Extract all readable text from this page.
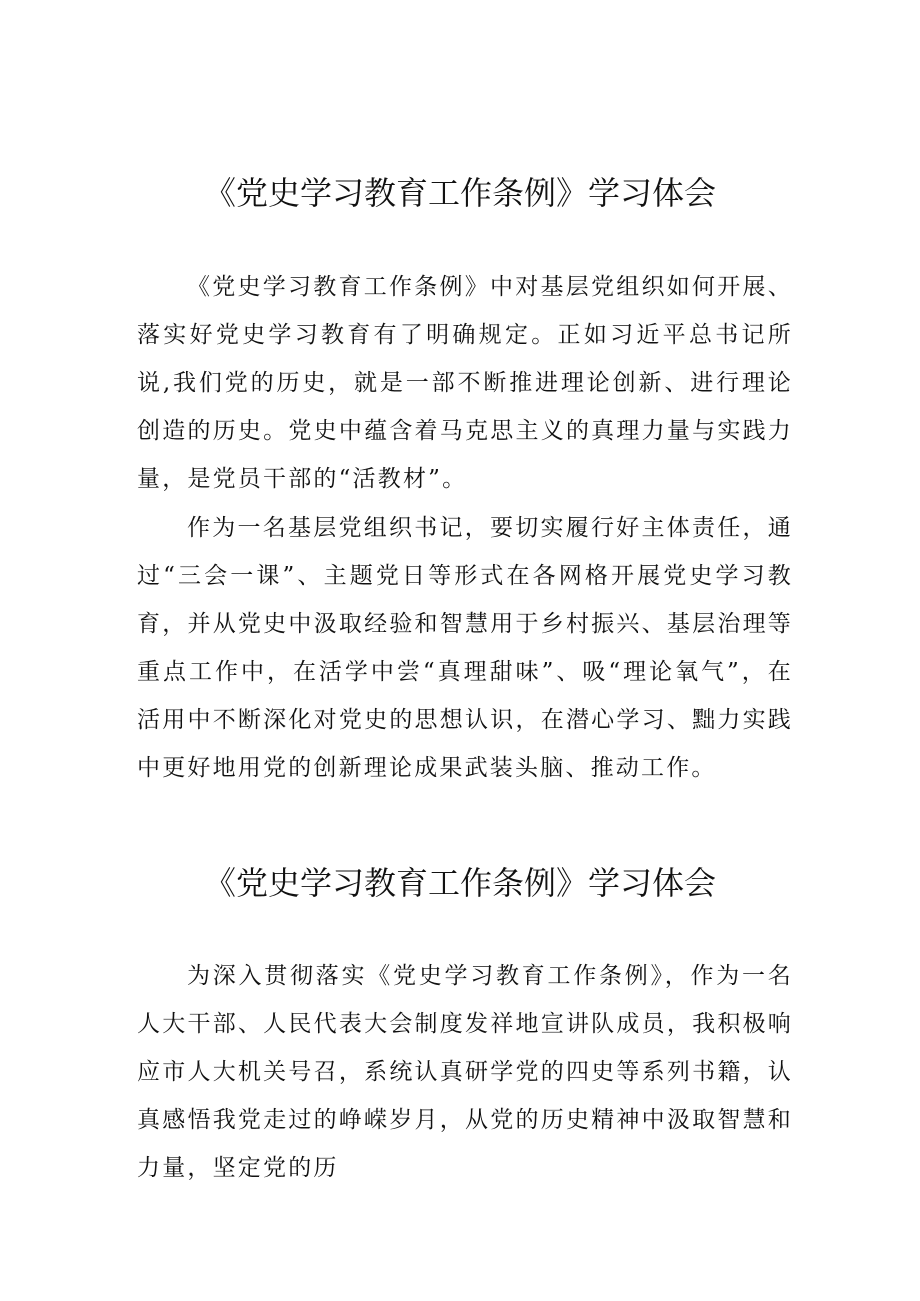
《党史学习教育工作条例》学习体会

《党史学习教育工作条例》中对基层党组织如何开展、落实好党史学习教育有了明确规定。正如习近平总书记所说,我们党的历史，就是一部不断推进理论创新、进行理论创造的历史。党史中蕴含着马克思主义的真理力量与实践力量，是党员干部的“活教材”。

作为一名基层党组织书记，要切实履行好主体责任，通过“三会一课”、主题党日等形式在各网格开展党史学习教育，并从党史中汲取经验和智慧用于乡村振兴、基层治理等重点工作中，在活学中尝“真理甜味”、吸“理论氧气”，在活用中不断深化对党史的思想认识，在潜心学习、黜力实践中更好地用党的创新理论成果武装头脑、推动工作。

《党史学习教育工作条例》学习体会

为深入贯彻落实《党史学习教育工作条例》，作为一名人大干部、人民代表大会制度发祥地宣讲队成员，我积极响应市人大机关号召，系统认真研学党的四史等系列书籍，认真感悟我党走过的峥嵘岁月，从党的历史精神中汲取智慧和力量，坚定党的历
